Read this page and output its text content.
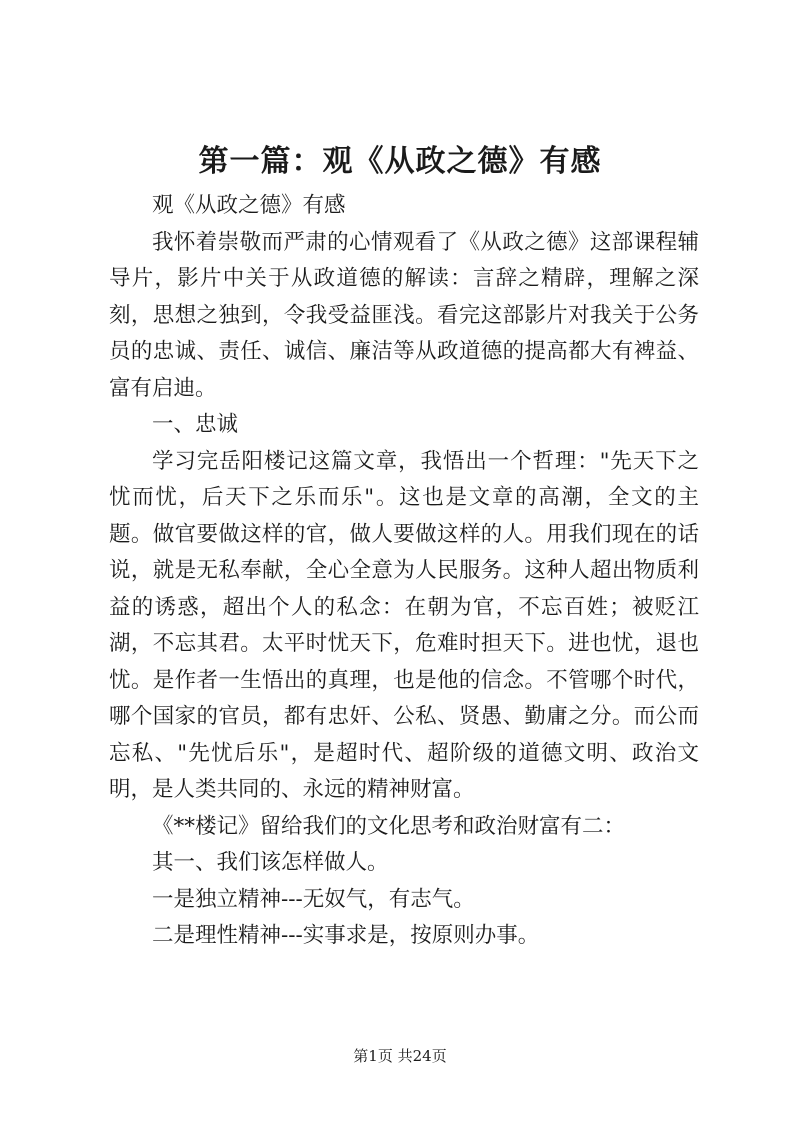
第一篇：观《从政之德》有感

观《从政之德》有感

我怀着崇敬而严肃的心情观看了《从政之德》这部课程辅导片，影片中关于从政道德的解读：言辞之精辟，理解之深刻，思想之独到，令我受益匪浅。看完这部影片对我关于公务员的忠诚、责任、诚信、廉洁等从政道德的提高都大有裨益、富有启迪。

一、忠诚

学习完岳阳楼记这篇文章，我悟出一个哲理："先天下之忧而忧，后天下之乐而乐"。这也是文章的高潮，全文的主题。做官要做这样的官，做人要做这样的人。用我们现在的话说，就是无私奉献，全心全意为人民服务。这种人超出物质利益的诱惑，超出个人的私念：在朝为官，不忘百姓；被贬江湖，不忘其君。太平时忧天下，危难时担天下。进也忧，退也忧。是作者一生悟出的真理，也是他的信念。不管哪个时代，哪个国家的官员，都有忠奸、公私、贤愚、勤庸之分。而公而忘私、"先忧后乐"，是超时代、超阶级的道德文明、政治文明，是人类共同的、永远的精神财富。

《**楼记》留给我们的文化思考和政治财富有二：

其一、我们该怎样做人。

一是独立精神---无奴气，有志气。

二是理性精神---实事求是，按原则办事。

第1页 共24页
